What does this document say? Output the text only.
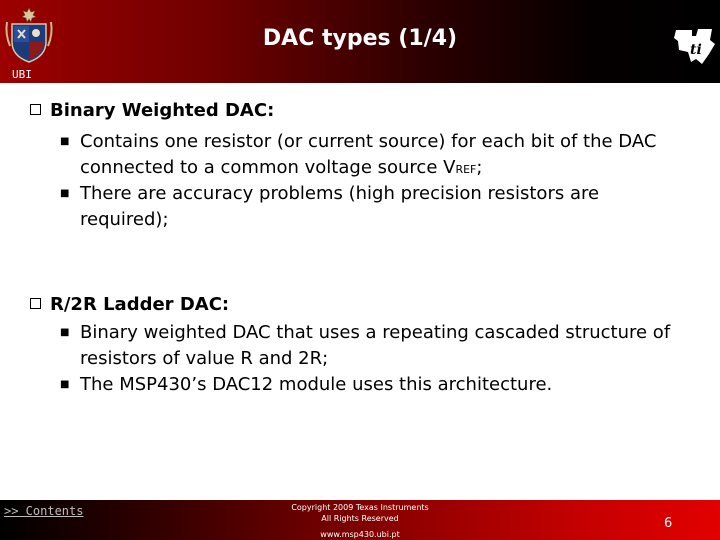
UBI
DAC types (1/4)	ti
Binary Weighted DAC:
■ Contains one resistor (or current source) for each bit of the DAC connected to a common voltage source VREF;
■ There are accuracy problems (high precision resistors are required);
R/2R Ladder DAC:
■ Binary weighted DAC that uses a repeating cascaded structure of resistors of value R and 2R;
■ The MSP430’s DAC12 module uses this architecture.
>> Contents	Copyright 2009 Texas Instruments
All Rights Reserved
www.msp430.ubi.pt
6
